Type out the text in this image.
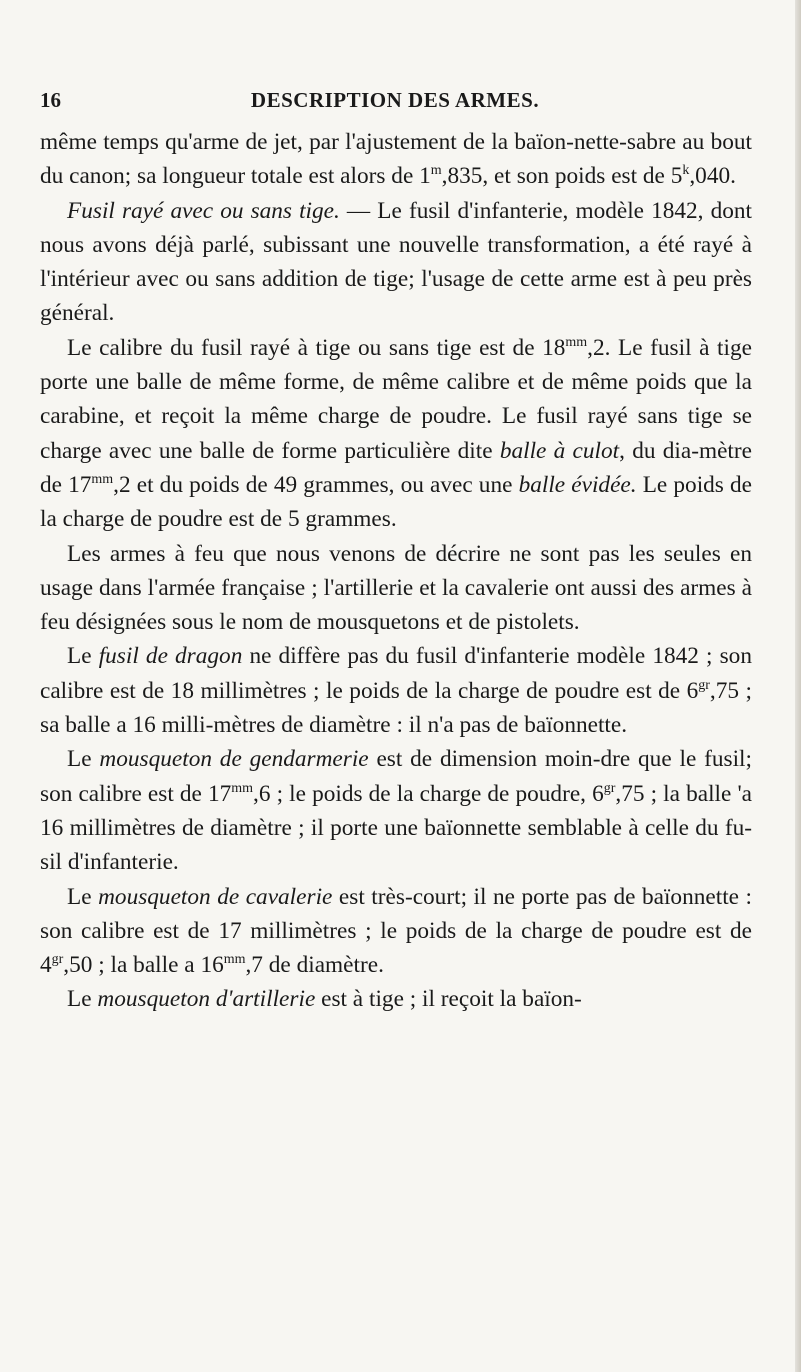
16	DESCRIPTION DES ARMES.

même temps qu'arme de jet, par l'ajustement de la baïon-nette-sabre au bout du canon; sa longueur totale est alors de 1$^m$,835, et son poids est de 5$^k$,040.

Fusil rayé avec ou sans tige. — Le fusil d'infanterie, modèle 1842, dont nous avons déjà parlé, subissant une nouvelle transformation, a été rayé à l'intérieur avec ou sans addition de tige; l'usage de cette arme est à peu près général.

Le calibre du fusil rayé à tige ou sans tige est de $18^{mm},2$. Le fusil à tige porte une balle de même forme, de même calibre et de même poids que la carabine, et reçoit la même charge de poudre. Le fusil rayé sans tige se charge avec une balle de forme particulière dite balle à culot, du dia-mètre de $17^{mm},2$ et du poids de 49 grammes, ou avec une balle évidée. Le poids de la charge de poudre est de 5 grammes.

Les armes à feu que nous venons de décrire ne sont pas les seules en usage dans l'armée française ; l'artillerie et la cavalerie ont aussi des armes à feu désignées sous le nom de mousquetons et de pistolets.

Le fusil de dragon ne diffère pas du fusil d'infanterie modèle 1842 ; son calibre est de 18 millimètres ; le poids de la charge de poudre est de $6^{gr},75$ ; sa balle a 16 milli-mètres de diamètre : il n'a pas de baïonnette.

Le mousqueton de gendarmerie est de dimension moin-dre que le fusil; son calibre est de $17^{mm},6$ ; le poids de la charge de poudre, $6^{gr},75$ ; la balle 'a 16 millimètres de diamètre ; il porte une baïonnette semblable à celle du fu-sil d'infanterie.

Le mousqueton de cavalerie est très-court; il ne porte pas de baïonnette : son calibre est de 17 millimètres ; le poids de la charge de poudre est de $4^{gr},50$ ; la balle a $16^{mm},7$ de diamètre.

Le mousqueton d'artillerie est à tige ; il reçoit la baïon-
